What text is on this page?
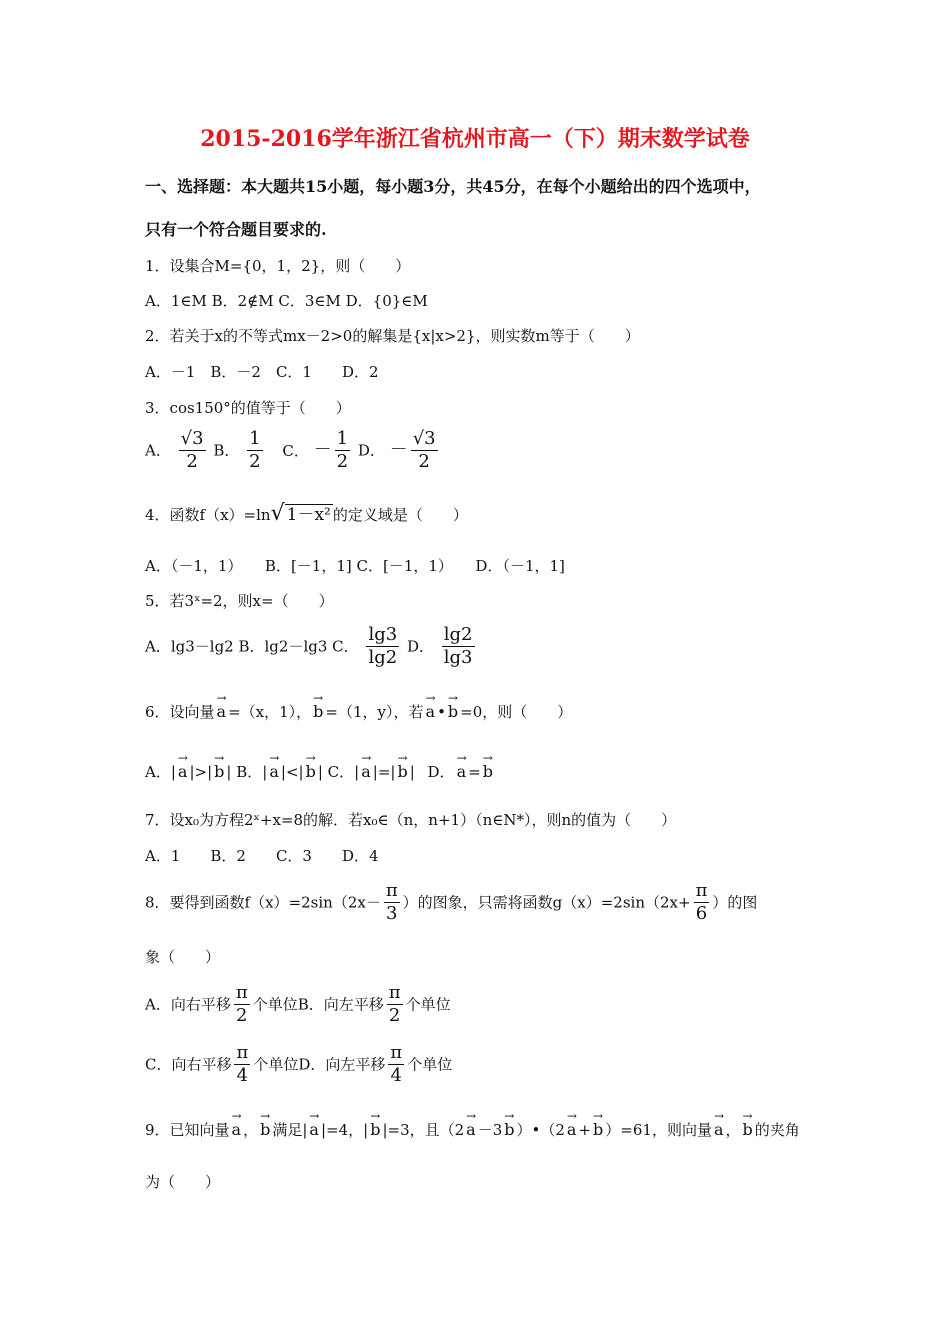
2015-2016学年浙江省杭州市高一（下）期末数学试卷
一、选择题：本大题共15小题，每小题3分，共45分，在每个小题给出的四个选项中，
只有一个符合题目要求的.
1．设集合M={0，1，2}，则（　　）
A．1∈M B．2∉M C．3∈M D．{0}∈M
2．若关于x的不等式mx－2>0的解集是{x|x>2}，则实数m等于（　　）
A．－1　B．－2　C．1　　D．2
3．cos150°的值等于（　　）
A． $\frac{√3}{2}$ B． $\frac{1}{2}$ C． － $\frac{1}{2}$ D． － $\frac{√3}{2}$
4．函数f（x）=ln√ 1－x² 的定义域是（　　）
A．（－1，1）　　B．[－1，1] C．[－1，1）　　D．（－1，1]
5．若3ˣ=2，则x=（　　）
A．lg3－lg2 B．lg2－lg3 C． $\frac{\lg 3}{\lg 2}$ D． $\frac{\lg 2}{\lg 3}$
6．设向量 → a =（x，1）， → b =（1，y），若 → a • → b =0，则（　　）
A．| → a |>| → b | B．| → a |<| → b | C．| → a |=| → b | D． → a = → b
7．设x₀为方程2ˣ+x=8的解．若x₀∈（n，n+1）（n∈N*），则n的值为（　　）
A．1　　B．2　　C．3　　D．4
8．要得到函数$f(x)=2\sin(2x- \frac{\pi}{3}$ ）的图象，只需将函数$g(x)=2\sin(2x+ \frac{\pi}{6}$ ）的图
象（　　）
A．向右平移 $\frac{\pi}{2}$ 个单位B．向左平移 $\frac{\pi}{2}$ 个单位
C．向右平移 $\frac{\pi}{4}$ 个单位D．向左平移 $\frac{\pi}{4}$ 个单位
9．已知向量 → a ， → b 满足| → a |=4，| → b |=3，且（2 → a －3 → b ）•（2 → a + → b ）=61，则向量 → a ， → b 的夹角
为（　　）
